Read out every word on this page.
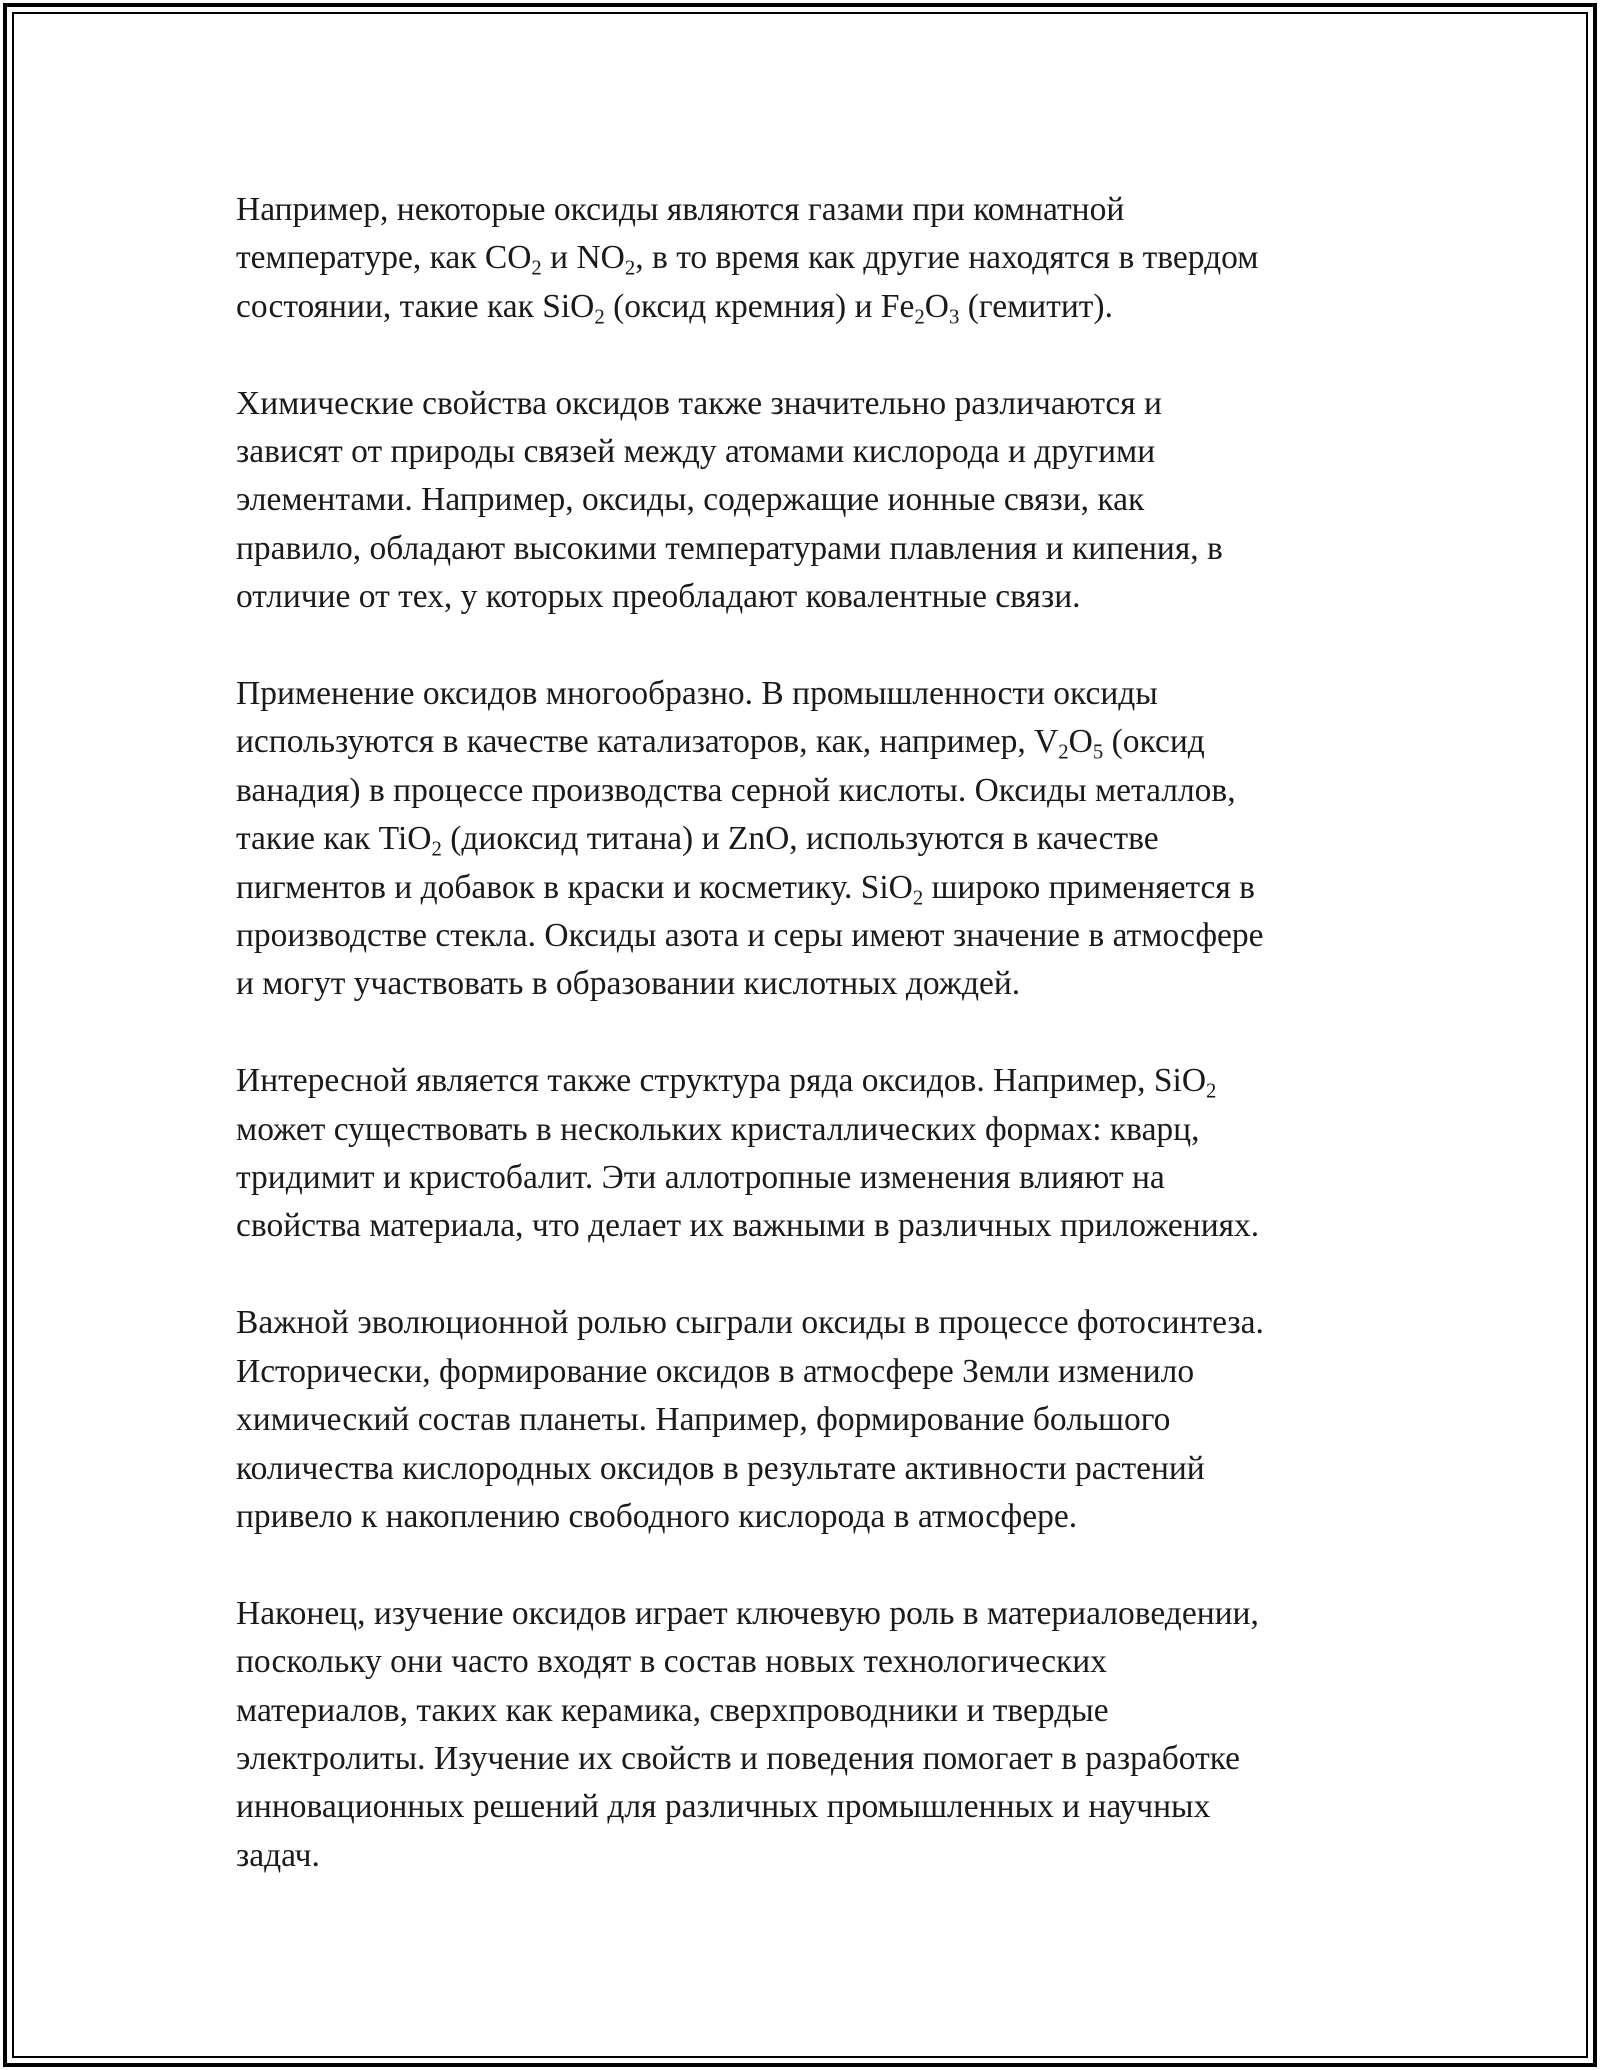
Например, некоторые оксиды являются газами при комнатной
температуре, как $CO_2$ и $NO_2$, в то время как другие находятся в твердом
состоянии, такие как SiO$_2$ (оксид кремния) и $Fe_2O_3$ (гемитит).

Химические свойства оксидов также значительно различаются и
зависят от природы связей между атомами кислорода и другими
элементами. Например, оксиды, содержащие ионные связи, как
правило, обладают высокими температурами плавления и кипения, в
отличие от тех, у которых преобладают ковалентные связи.

Применение оксидов многообразно. В промышленности оксиды
используются в качестве катализаторов, как, например, $V_2O_5$ (оксид
ванадия) в процессе производства серной кислоты. Оксиды металлов,
такие как TiO$_2$ (диоксид титана) и ZnO, используются в качестве
пигментов и добавок в краски и косметику. SiO$_2$ широко применяется в
производстве стекла. Оксиды азота и серы имеют значение в атмосфере
и могут участвовать в образовании кислотных дождей.

Интересной является также структура ряда оксидов. Например, SiO$_2$
может существовать в нескольких кристаллических формах: кварц,
тридимит и кристобалит. Эти аллотропные изменения влияют на
свойства материала, что делает их важными в различных приложениях.

Важной эволюционной ролью сыграли оксиды в процессе фотосинтеза.
Исторически, формирование оксидов в атмосфере Земли изменило
химический состав планеты. Например, формирование большого
количества кислородных оксидов в результате активности растений
привело к накоплению свободного кислорода в атмосфере.

Наконец, изучение оксидов играет ключевую роль в материаловедении,
поскольку они часто входят в состав новых технологических
материалов, таких как керамика, сверхпроводники и твердые
электролиты. Изучение их свойств и поведения помогает в разработке
инновационных решений для различных промышленных и научных
задач.
